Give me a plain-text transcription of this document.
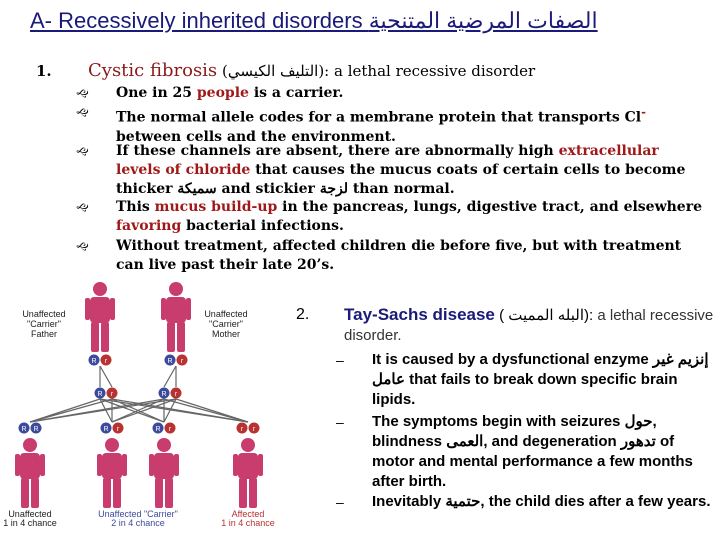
A- Recessively inherited disorders الصفات المرضية المتنحية
1. Cystic fibrosis (التليف الكيسي): a lethal recessive disorder
🙙 One in 25 people is a carrier.
🙙 The normal allele codes for a membrane protein that transports Cl- between cells and the environment.
🙙 If these channels are absent, there are abnormally high extracellular levels of chloride that causes the mucus coats of certain cells to become thicker سميكة and stickier لزجة than normal.
🙙 This mucus build-up in the pancreas, lungs, digestive tract, and elsewhere favoring bacterial infections.
🙙 Without treatment, affected children die before five, but with treatment can live past their late 20’s.
R r	R r
R r	R r
R R	R r	R r	r r
Unaffected "Carrier" Father
Unaffected "Carrier" Mother
Unaffected
1 in 4 chance
Unaffected "Carrier"
2 in 4 chance
Affected
1 in 4 chance
2. Tay-Sachs disease ( البله المميت): a lethal recessive disorder.
– It is caused by a dysfunctional enzyme إنزيم غير عامل that fails to break down specific brain lipids.
– The symptoms begin with seizures حول, blindness العمى, and degeneration تدهور of motor and mental performance a few months after birth.
– Inevitably حتمية, the child dies after a few years.
